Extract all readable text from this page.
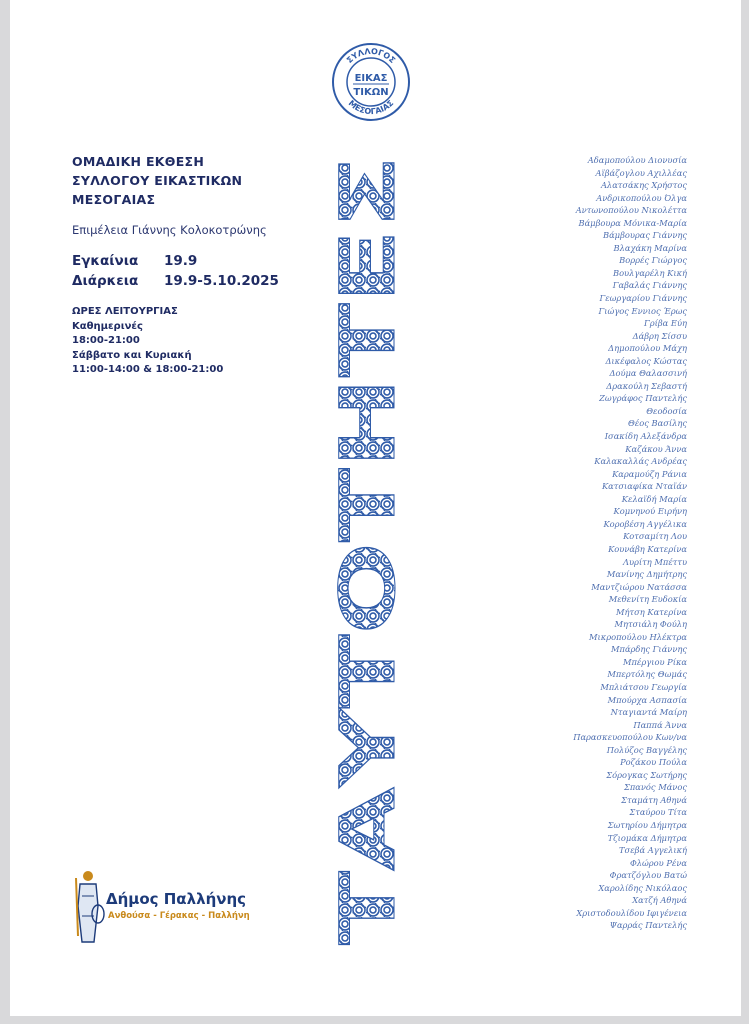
ΣΥΛΛΟΓΟΣ
ΜΕΣΟΓΑΙΑΣ
ΕΙΚΑΣ
ΤΙΚΩΝ
ΟΜΑΔΙΚΗ ΕΚΘΕΣΗ
ΣΥΛΛΟΓΟΥ ΕΙΚΑΣΤΙΚΩΝ
ΜΕΣΟΓΑΙΑΣ
Επιμέλεια Γιάννης Κολοκοτρώνης
Εγκαίνια	19.9
Διάρκεια	19.9-5.10.2025
ΩΡΕΣ ΛΕΙΤΟΥΡΓΙΑΣ
Καθημερινές
18:00-21:00
Σάββατο και Κυριακή
11:00-14:00 & 18:00-21:00
ΤΑΥΤΟΤΗΤΕΣ
Αδαμοπούλου Διονυσία
Αϊβάζογλου Αχιλλέας
Αλατσάκης Χρήστος
Ανδρικοπούλου Όλγα
Αντωνοπούλου Νικολέττα
Βάμβουρα Μόνικα-Μαρία
Βάμβουρας Γιάννης
Βλαχάκη Μαρίνα
Βορρές Γιώργος
Βουλγαρέλη Κική
Γαβαλάς Γιάννης
Γεωργαρίου Γιάννης
Γιώγος Εννιος Έρως
Γρίβα Εύη
Δάβρη Σίσσυ
Δημοπούλου Μάχη
Δικέφαλος Κώστας
Δούμα Θαλασσινή
Δρακούλη Σεβαστή
Ζωγράφος Παντελής
Θεοδοσία
Θέος Βασίλης
Ισακίδη Αλεξάνδρα
Καζάκου Άννα
Καλακαλλάς Ανδρέας
Καραμούζη Ράνια
Κατσιαφίκα Νταϊάν
Κελαϊδή Μαρία
Κομνηνού Ειρήνη
Κοροβέση Αγγέλικα
Κοτσαμίτη Λου
Κουνάβη Κατερίνα
Λυρίτη Μπέττυ
Μανίνης Δημήτρης
Μαντζιώρου Νατάσσα
Μεθενίτη Ευδοκία
Μήτση Κατερίνα
Μητσιάλη Φούλη
Μικροπούλου Ηλέκτρα
Μπάρδης Γιάννης
Μπέργιου Ρίκα
Μπερτόλης Θωμάς
Μπλιάτσου Γεωργία
Μπούρχα Ασπασία
Νταγιαντά Μαίρη
Παππά Άννα
Παρασκευοπούλου Κων/να
Πολύζος Βαγγέλης
Ροζάκου Πούλα
Σόρογκας Σωτήρης
Σπανός Μάνος
Σταμάτη Αθηνά
Σταύρου Τίτα
Σωτηρίου Δήμητρα
Τζιομάκα Δήμητρα
Τσεβά Αγγελική
Φλώρου Ρένα
Φρατζόγλου Βατώ
Χαρολίδης Νικόλαος
Χατζή Αθηνά
Χριστοδουλίδου Ιφιγένεια
Ψαρράς Παντελής
Δήμος Παλλήνης
Ανθούσα - Γέρακας - Παλλήνη
